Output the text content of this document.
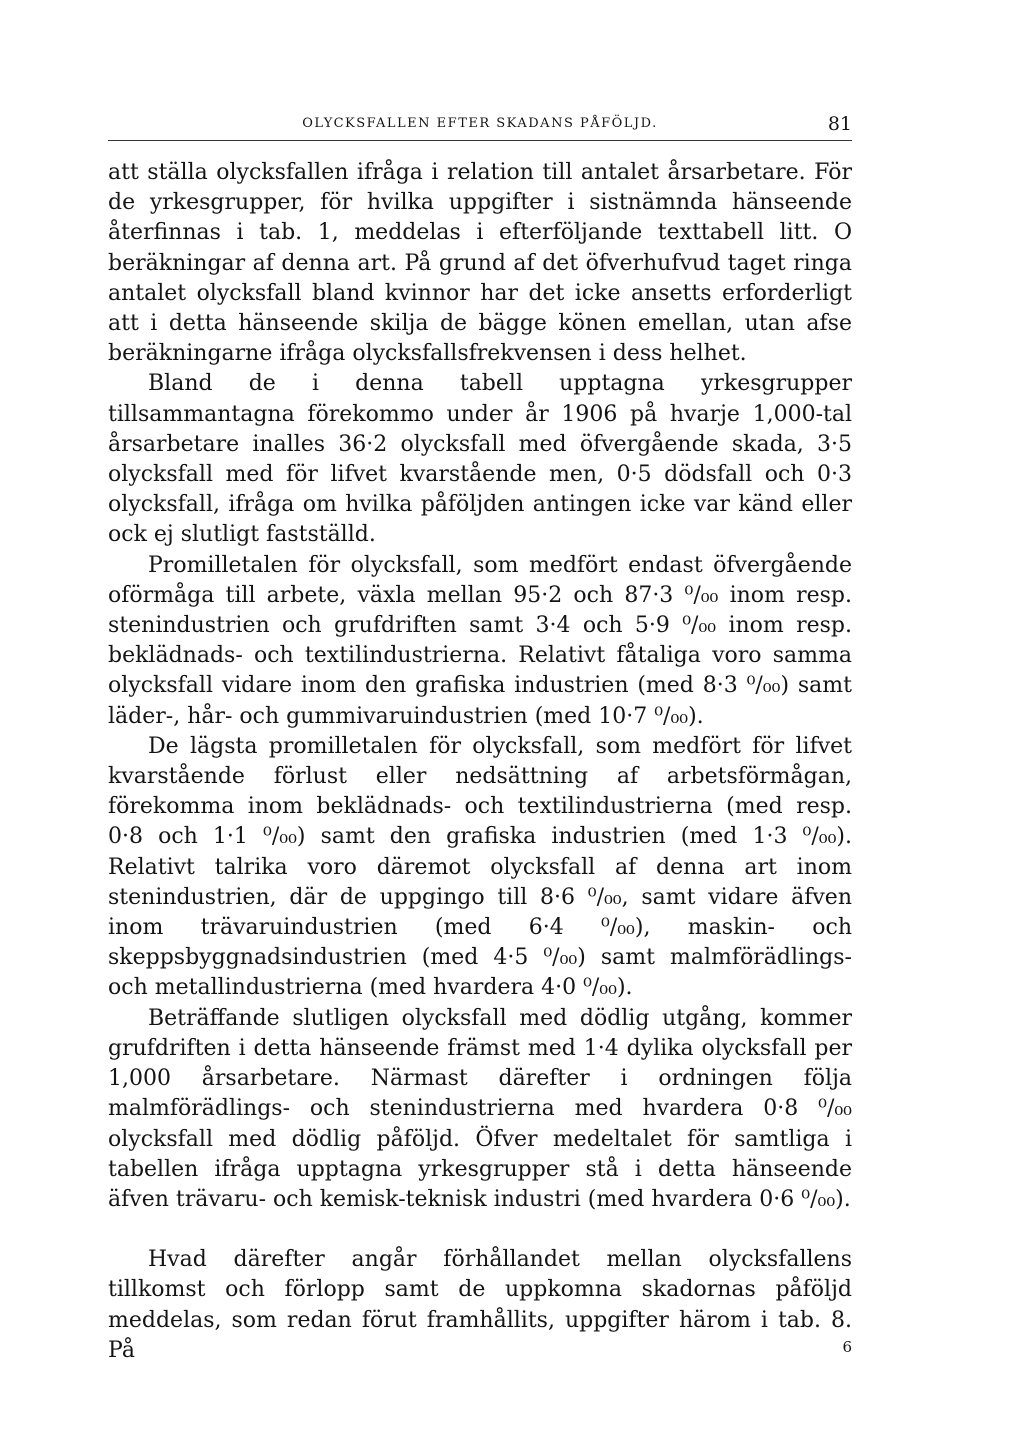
OLYCKSFALLEN EFTER SKADANS PÅFÖLJD.	81

att ställa olycksfallen ifråga i relation till antalet årsarbetare. För de yrkesgrupper, för hvilka uppgifter i sistnämnda hänseende återfinnas i tab. 1, meddelas i efterföljande texttabell litt. O beräkningar af denna art. På grund af det öfverhufvud taget ringa antalet olycksfall bland kvinnor har det icke ansetts erforderligt att i detta hänseende skilja de bägge könen emellan, utan afse beräkningarne ifråga olycksfallsfrekvensen i dess helhet.

Bland de i denna tabell upptagna yrkesgrupper tillsammantagna förekommo under år 1906 på hvarje 1,000-tal årsarbetare inalles 36·2 olycksfall med öfvergående skada, 3·5 olycksfall med för lifvet kvarstående men, 0·5 dödsfall och 0·3 olycksfall, ifråga om hvilka påföljden antingen icke var känd eller ock ej slutligt fastställd.

Promilletalen för olycksfall, som medfört endast öfvergående oförmåga till arbete, växla mellan 95·2 och 87·3 ⁰/₀₀ inom resp. stenindustrien och grufdriften samt 3·4 och 5·9 ⁰/₀₀ inom resp. beklädnads- och textilindustrierna. Relativt fåtaliga voro samma olycksfall vidare inom den grafiska industrien (med 8·3 ⁰/₀₀) samt läder-, hår- och gummivaruindustrien (med 10·7 ⁰/₀₀).

De lägsta promilletalen för olycksfall, som medfört för lifvet kvarstående förlust eller nedsättning af arbetsförmågan, förekomma inom beklädnads- och textilindustrierna (med resp. 0·8 och 1·1 ⁰/₀₀) samt den grafiska industrien (med 1·3 ⁰/₀₀). Relativt talrika voro däremot olycksfall af denna art inom stenindustrien, där de uppgingo till 8·6 ⁰/₀₀, samt vidare äfven inom trävaruindustrien (med 6·4 ⁰/₀₀), maskin- och skeppsbyggnadsindustrien (med 4·5 ⁰/₀₀) samt malmförädlings- och metallindustrierna (med hvardera 4·0 ⁰/₀₀).

Beträffande slutligen olycksfall med dödlig utgång, kommer grufdriften i detta hänseende främst med 1·4 dylika olycksfall per 1,000 årsarbetare. Närmast därefter i ordningen följa malmförädlings- och stenindustrierna med hvardera 0·8 ⁰/₀₀ olycksfall med dödlig påföljd. Öfver medeltalet för samtliga i tabellen ifråga upptagna yrkesgrupper stå i detta hänseende äfven trävaru- och kemisk-teknisk industri (med hvardera 0·6 ⁰/₀₀).

Hvad därefter angår förhållandet mellan olycksfallens tillkomst och förlopp samt de uppkomna skadornas påföljd meddelas, som redan förut framhållits, uppgifter härom i tab. 8. På	6
